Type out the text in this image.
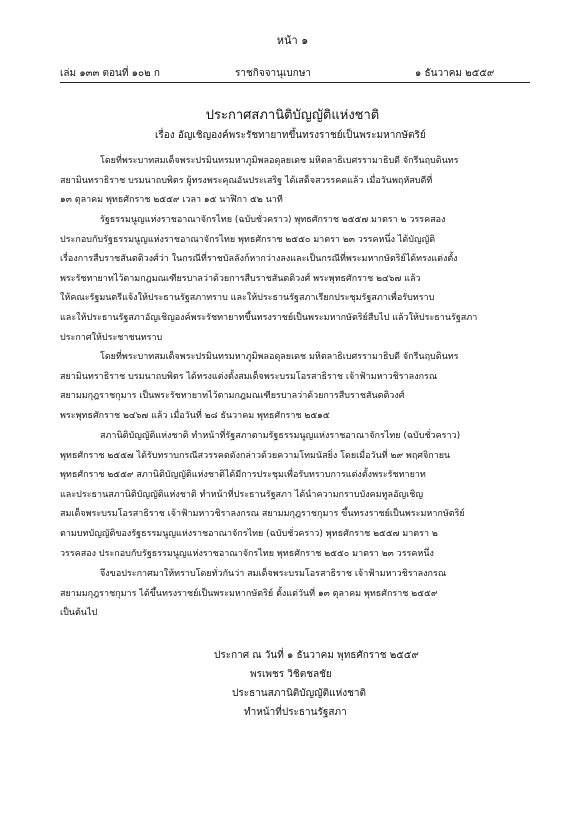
หน้า ๑
เล่ม ๑๓๓ ตอนที่ ๑๐๒ ก	ราชกิจจานุเบกษา	๑ ธันวาคม ๒๕๕๙
ประกาศสภานิติบัญญัติแห่งชาติ
เรื่อง อัญเชิญองค์พระรัชทายาทขึ้นทรงราชย์เป็นพระมหากษัตริย์
โดยที่พระบาทสมเด็จพระปรมินทรมหาภูมิพลอดุลยเดช มหิตลาธิเบศรรามาธิบดี จักรีนฤบดินทร
สยามินทราธิราช บรมนาถบพิตร ผู้ทรงพระคุณอันประเสริฐ ได้เสด็จสวรรคตแล้ว เมื่อวันพฤหัสบดีที่
๑๓ ตุลาคม พุทธศักราช ๒๕๕๙ เวลา ๑๕ นาฬิกา ๕๒ นาที
รัฐธรรมนูญแห่งราชอาณาจักรไทย (ฉบับชั่วคราว) พุทธศักราช ๒๕๕๗ มาตรา ๒ วรรคสอง
ประกอบกับรัฐธรรมนูญแห่งราชอาณาจักรไทย พุทธศักราช ๒๕๕๐ มาตรา ๒๓ วรรคหนึ่ง ได้บัญญัติ
เรื่องการสืบราชสันตติวงศ์ว่า ในกรณีที่ราชบัลลังก์หากว่างลงและเป็นกรณีที่พระมหากษัตริย์ได้ทรงแต่งตั้ง
พระรัชทายาทไว้ตามกฎมณเฑียรบาลว่าด้วยการสืบราชสันตติวงศ์ พระพุทธศักราช ๒๔๖๗ แล้ว
ให้คณะรัฐมนตรีแจ้งให้ประธานรัฐสภาทราบ และให้ประธานรัฐสภาเรียกประชุมรัฐสภาเพื่อรับทราบ
และให้ประธานรัฐสภาอัญเชิญองค์พระรัชทายาทขึ้นทรงราชย์เป็นพระมหากษัตริย์สืบไป แล้วให้ประธานรัฐสภา
ประกาศให้ประชาชนทราบ
โดยที่พระบาทสมเด็จพระปรมินทรมหาภูมิพลอดุลยเดช มหิตลาธิเบศรรามาธิบดี จักรีนฤบดินทร
สยามินทราธิราช บรมนาถบพิตร ได้ทรงแต่งตั้งสมเด็จพระบรมโอรสาธิราช เจ้าฟ้ามหาวชิราลงกรณ
สยามมกุฎราชกุมาร เป็นพระรัชทายาทไว้ตามกฎมณเฑียรบาลว่าด้วยการสืบราชสันตติวงศ์
พระพุทธศักราช ๒๔๖๗ แล้ว เมื่อวันที่ ๒๘ ธันวาคม พุทธศักราช ๒๕๑๕
สภานิติบัญญัติแห่งชาติ ทำหน้าที่รัฐสภาตามรัฐธรรมนูญแห่งราชอาณาจักรไทย (ฉบับชั่วคราว)
พุทธศักราช ๒๕๕๗ ได้รับทราบกรณีสวรรคตดังกล่าวด้วยความโทมนัสยิ่ง โดยเมื่อวันที่ ๒๙ พฤศจิกายน
พุทธศักราช ๒๕๕๙ สภานิติบัญญัติแห่งชาติได้มีการประชุมเพื่อรับทราบการแต่งตั้งพระรัชทายาท
และประธานสภานิติบัญญัติแห่งชาติ ทำหน้าที่ประธานรัฐสภา ได้นำความกราบบังคมทูลอัญเชิญ
สมเด็จพระบรมโอรสาธิราช เจ้าฟ้ามหาวชิราลงกรณ สยามมกุฎราชกุมาร ขึ้นทรงราชย์เป็นพระมหากษัตริย์
ตามบทบัญญัติของรัฐธรรมนูญแห่งราชอาณาจักรไทย (ฉบับชั่วคราว) พุทธศักราช ๒๕๕๗ มาตรา ๒
วรรคสอง ประกอบกับรัฐธรรมนูญแห่งราชอาณาจักรไทย พุทธศักราช ๒๕๕๐ มาตรา ๒๓ วรรคหนึ่ง
จึงขอประกาศมาให้ทราบโดยทั่วกันว่า สมเด็จพระบรมโอรสาธิราช เจ้าฟ้ามหาวชิราลงกรณ
สยามมกุฎราชกุมาร ได้ขึ้นทรงราชย์เป็นพระมหากษัตริย์ ตั้งแต่วันที่ ๑๓ ตุลาคม พุทธศักราช ๒๕๕๙
เป็นต้นไป
ประกาศ ณ วันที่ ๑ ธันวาคม พุทธศักราช ๒๕๕๙
พรเพชร วิชิตชลชัย
ประธานสภานิติบัญญัติแห่งชาติ
ทำหน้าที่ประธานรัฐสภา
